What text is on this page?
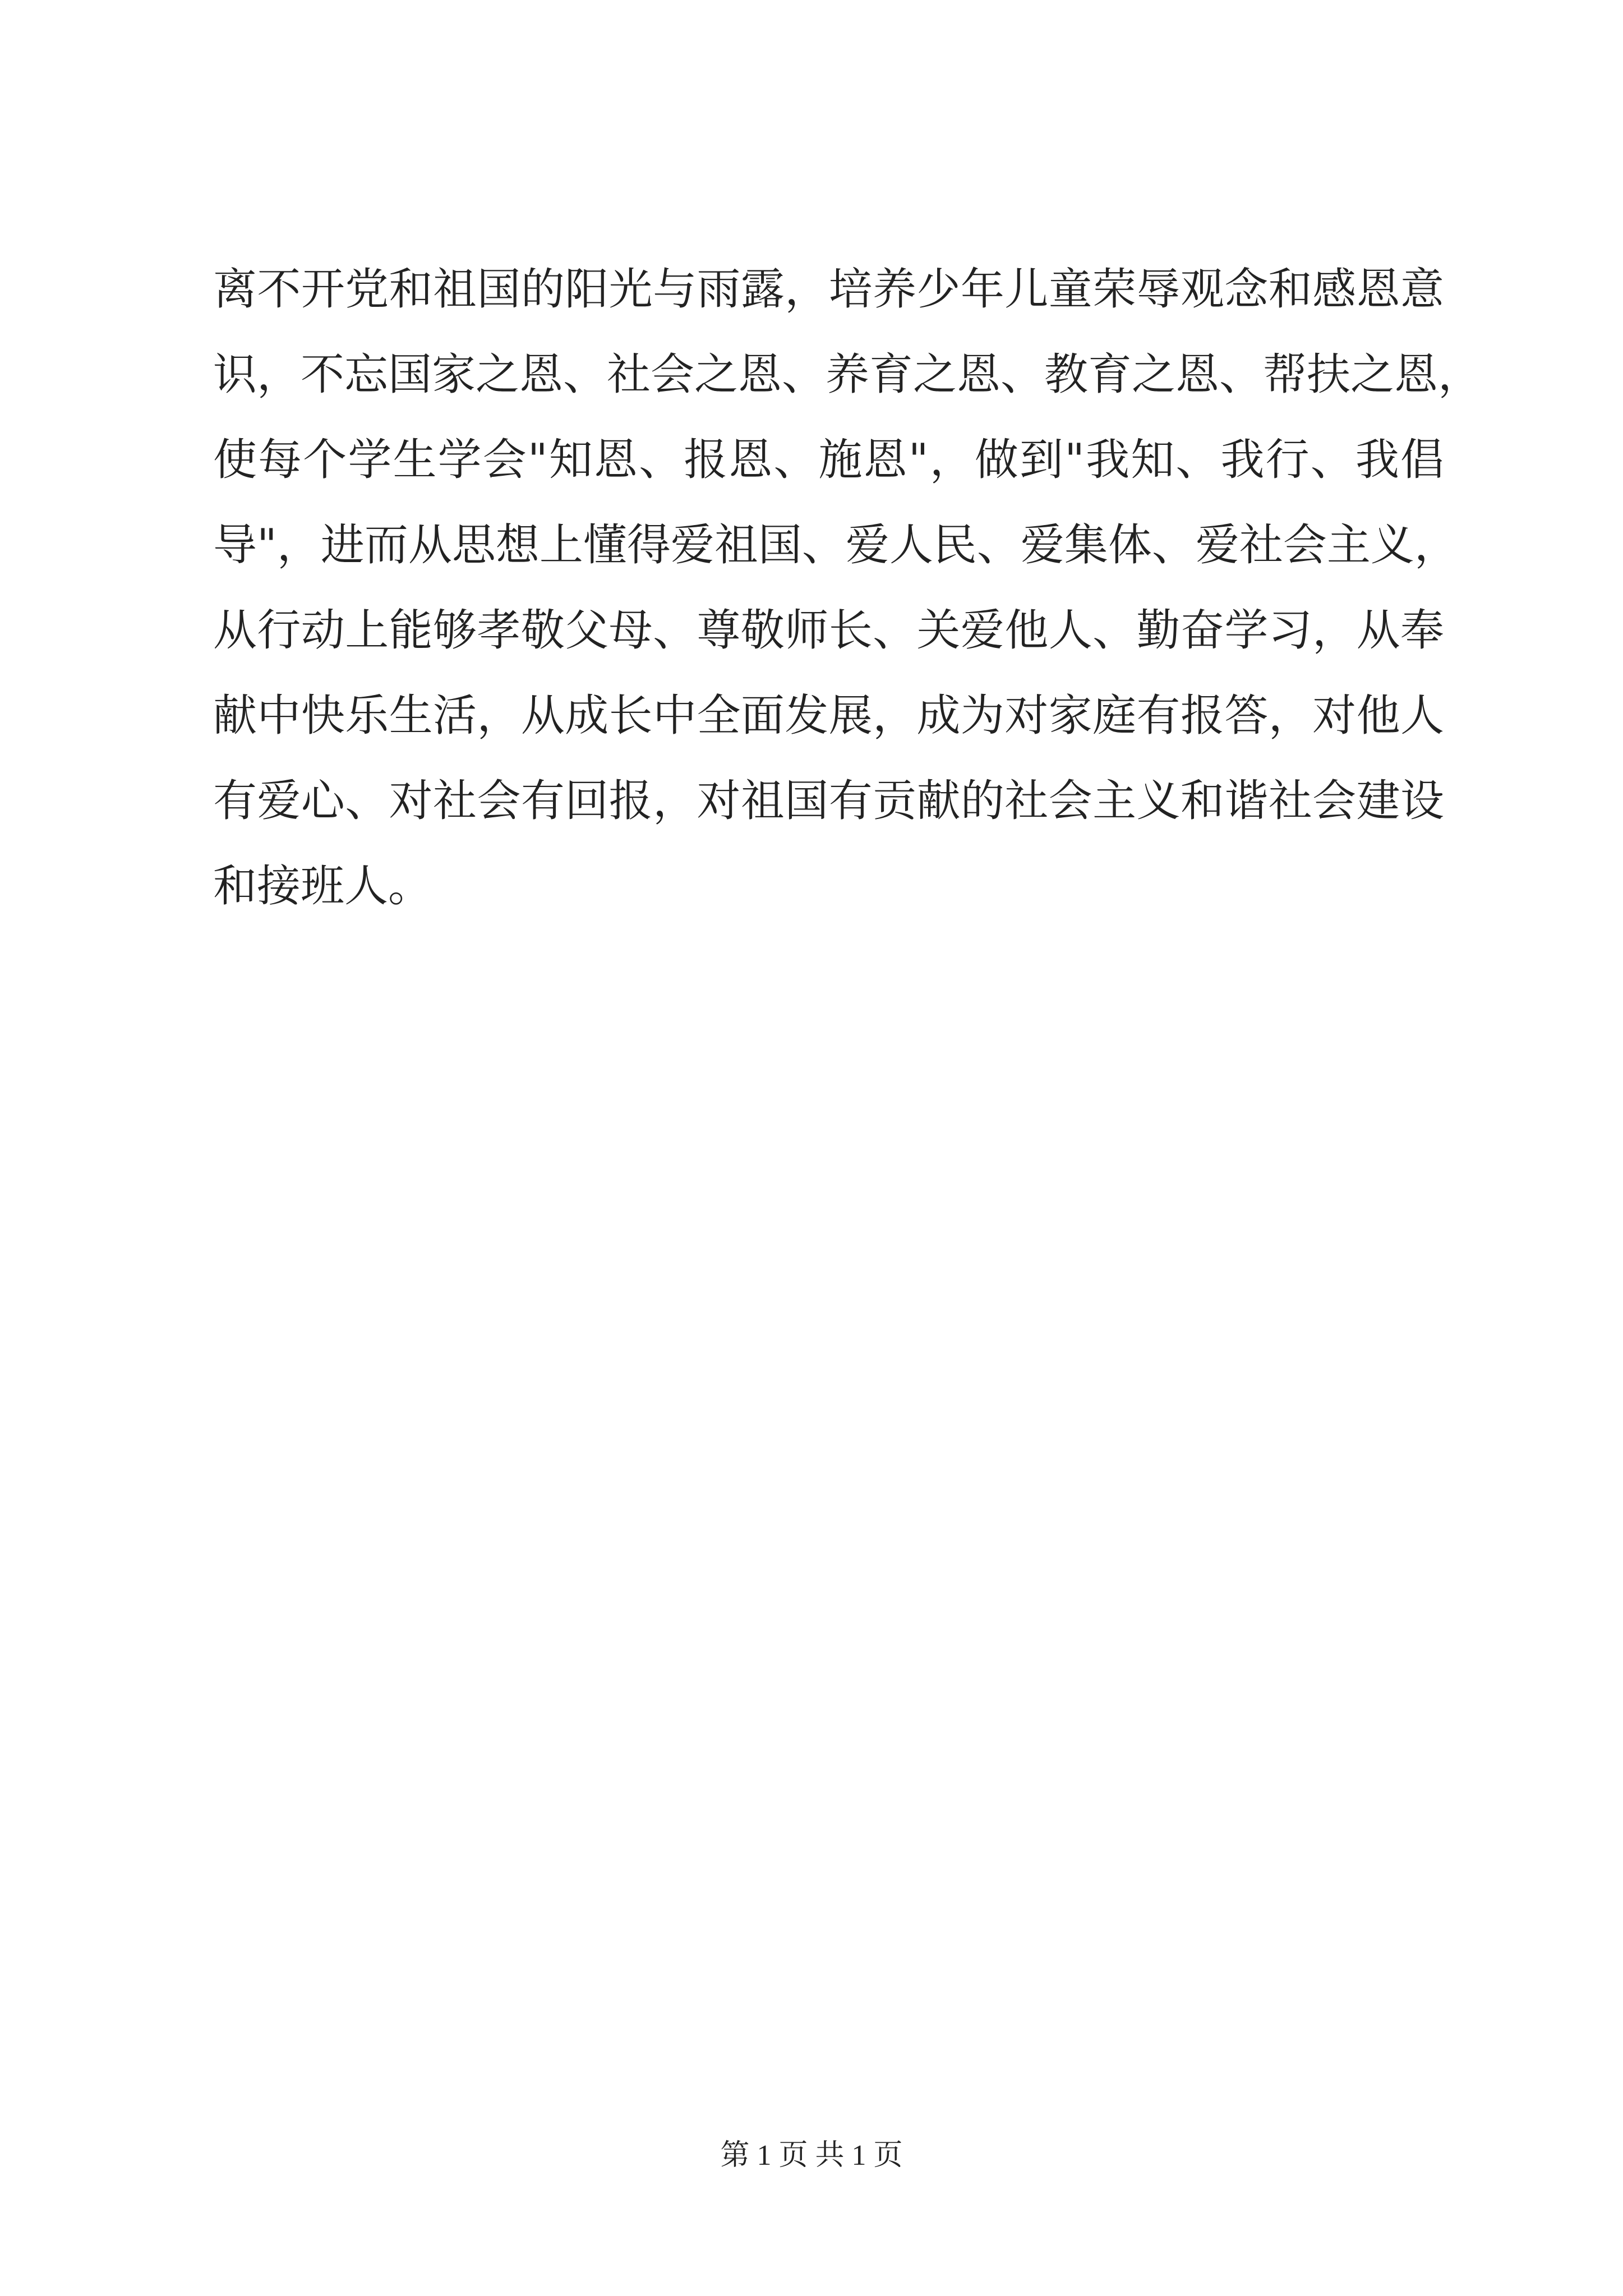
离不开党和祖国的阳光与雨露，培养少年儿童荣辱观念和感恩意
识，不忘国家之恩、社会之恩、养育之恩、教育之恩、帮扶之恩，
使每个学生学会"知恩、报恩、施恩"，做到"我知、我行、我倡
导"，进而从思想上懂得爱祖国、爱人民、爱集体、爱社会主义，
从行动上能够孝敬父母、尊敬师长、关爱他人、勤奋学习，从奉
献中快乐生活，从成长中全面发展，成为对家庭有报答，对他人
有爱心、对社会有回报，对祖国有贡献的社会主义和谐社会建设
和接班人。
第 1 页 共 1 页
